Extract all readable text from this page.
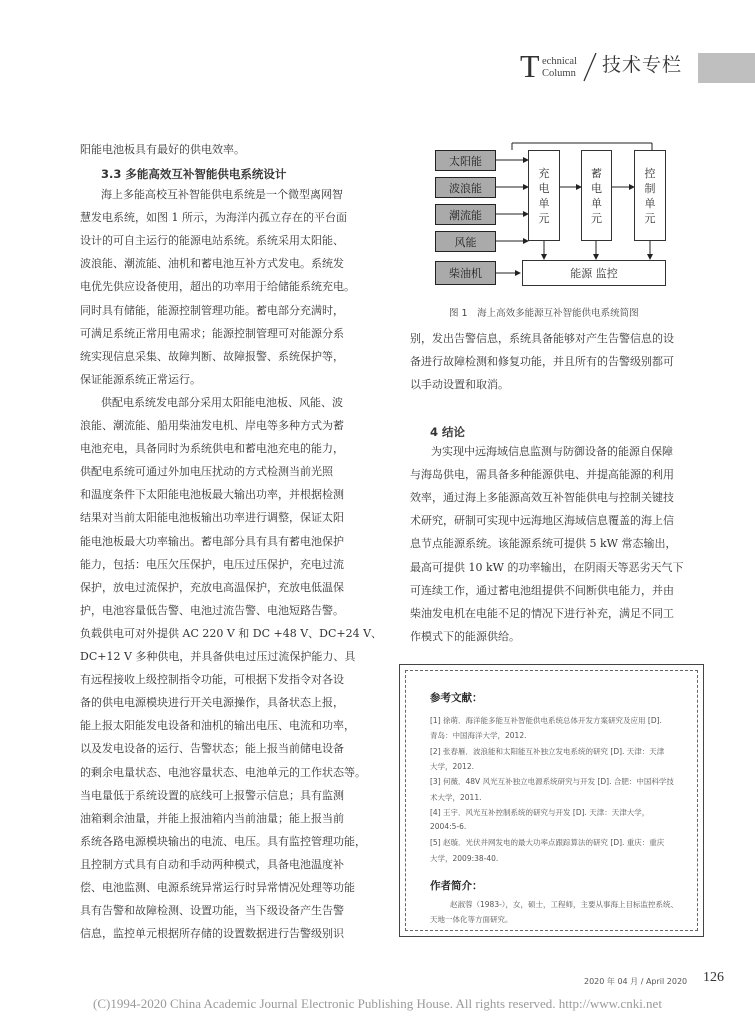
T echnical
Column 技术专栏
阳能电池板具有最好的供电效率。
3.3 多能高效互补智能供电系统设计
海上多能高校互补智能供电系统是一个微型离网智
慧发电系统，如图 1 所示，为海洋内孤立存在的平台面
设计的可自主运行的能源电站系统。系统采用太阳能、
波浪能、潮流能、油机和蓄电池互补方式发电。系统发
电优先供应设备使用，超出的功率用于给储能系统充电。
同时具有储能，能源控制管理功能。蓄电部分充满时，
可满足系统正常用电需求；能源控制管理可对能源分系
统实现信息采集、故障判断、故障报警、系统保护等，
保证能源系统正常运行。
供配电系统发电部分采用太阳能电池板、风能、波
浪能、潮流能、船用柴油发电机、岸电等多种方式为蓄
电池充电，具备同时为系统供电和蓄电池充电的能力，
供配电系统可通过外加电压扰动的方式检测当前光照
和温度条件下太阳能电池板最大输出功率，并根据检测
结果对当前太阳能电池板输出功率进行调整，保证太阳
能电池板最大功率输出。蓄电部分具有具有蓄电池保护
能力，包括：电压欠压保护，电压过压保护，充电过流
保护，放电过流保护，充放电高温保护，充放电低温保
护，电池容量低告警、电池过流告警、电池短路告警。
负载供电可对外提供 AC 220 V 和 DC +48 V、DC+24 V、
DC+12 V 多种供电，并具备供电过压过流保护能力、具
有远程接收上级控制指令功能，可根据下发指令对各设
备的供电电源模块进行开关电源操作，具备状态上报，
能上报太阳能发电设备和油机的输出电压、电流和功率，
以及发电设备的运行、告警状态；能上报当前储电设备
的剩余电量状态、电池容量状态、电池单元的工作状态等。
当电量低于系统设置的底线可上报警示信息；具有监测
油箱剩余油量，并能上报油箱内当前油量；能上报当前
系统各路电源模块输出的电流、电压。具有监控管理功能，
且控制方式具有自动和手动两种模式，具备电池温度补
偿、电池监测、电源系统异常运行时异常情况处理等功能
具有告警和故障检测、设置功能，当下级设备产生告警
信息，监控单元根据所存储的设置数据进行告警级别识
太阳能
波浪能
潮流能
风能
柴油机
充
电
单
元
蓄
电
单
元
控
制
单
元
能源 监控
图 1　海上高效多能源互补智能供电系统简图
别，发出告警信息，系统具备能够对产生告警信息的设
备进行故障检测和修复功能，并且所有的告警级别都可
以手动设置和取消。
4 结论
为实现中远海域信息监测与防御设备的能源自保障
与海岛供电，需具备多种能源供电、并提高能源的利用
效率，通过海上多能源高效互补智能供电与控制关键技
术研究，研制可实现中远海地区海域信息覆盖的海上信
息节点能源系统。该能源系统可提供 5 kW 常态输出，
最高可提供 10 kW 的功率输出，在阴雨天等恶劣天气下
可连续工作，通过蓄电池组提供不间断供电能力，并由
柴油发电机在电能不足的情况下进行补充，满足不同工
作模式下的能源供给。
参考文献：
[1] 徐萌．海洋能多能互补智能供电系统总体开发方案研究及应用 [D].
青岛：中国海洋大学，2012.
[2] 张春雁．波浪能和太阳能互补独立发电系统的研究 [D]. 天津：天津
大学，2012.
[3] 何薇．48V 风光互补独立电源系统研究与开发 [D]. 合肥：中国科学技
术大学，2011.
[4] 王宇．风光互补控制系统的研究与开发 [D]. 天津：天津大学，
2004:5-6.
[5] 赵璇．光伏并网发电的最大功率点跟踪算法的研究 [D]. 重庆：重庆
大学，2009:38-40.
作者简介：
赵淑蓉（1983-），女，硕士，工程师，主要从事海上目标监控系统、
天地一体化等方面研究。
2020 年 04 月 / April 2020 126
(C)1994-2020 China Academic Journal Electronic Publishing House. All rights reserved. http://www.cnki.net
